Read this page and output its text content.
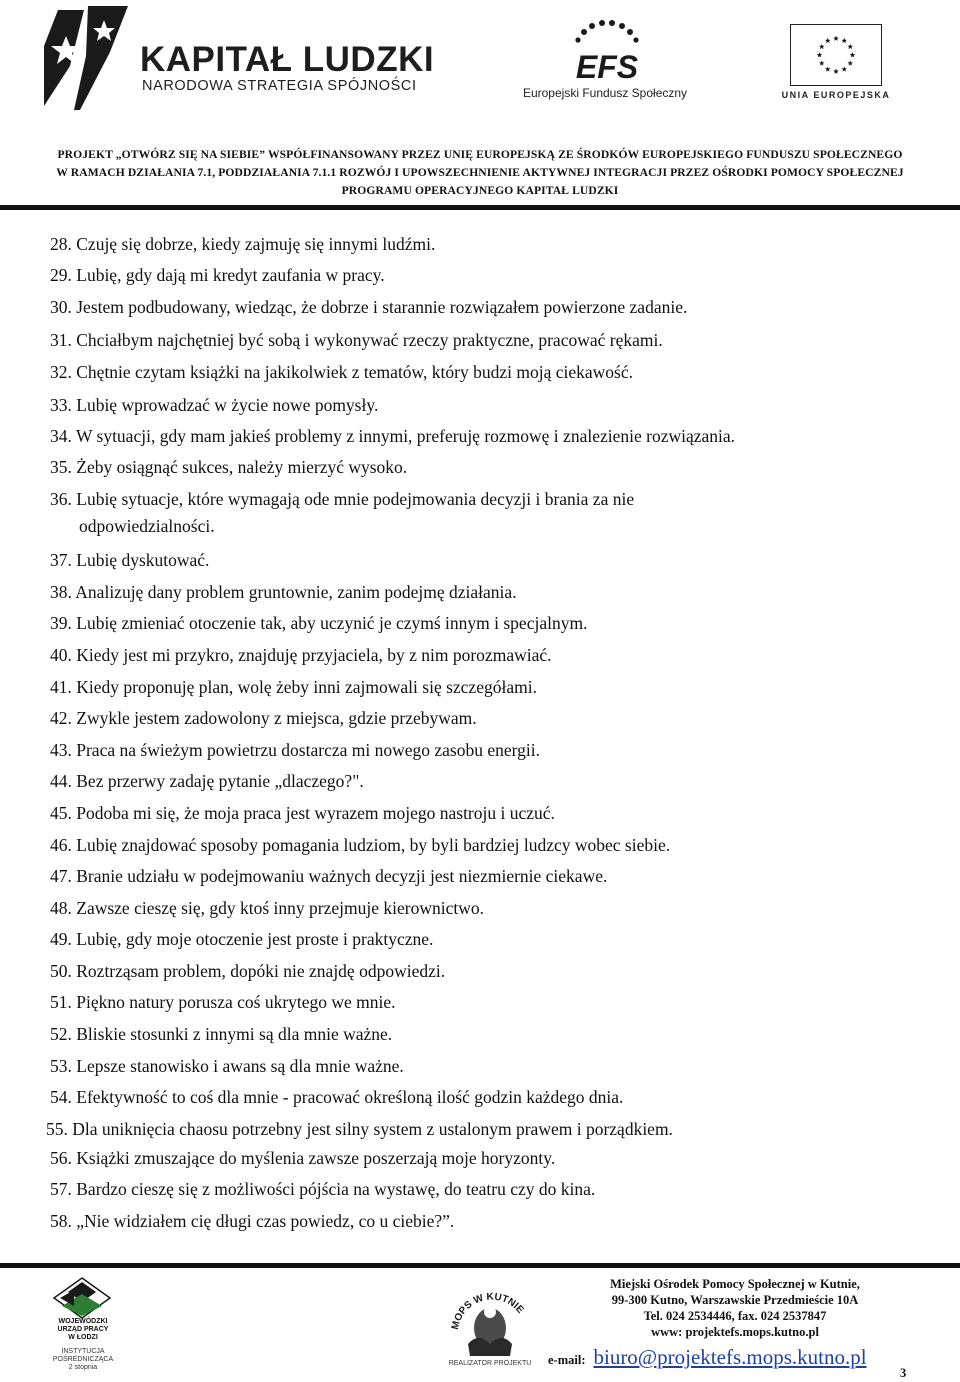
KAPITAŁ LUDZKI
NARODOWA STRATEGIA SPÓJNOŚCI
EFS
Europejski Fundusz Społeczny	UNIA EUROPEJSKA
PROJEKT „OTWÓRZ SIĘ NA SIEBIE” WSPÓŁFINANSOWANY PRZEZ UNIĘ EUROPEJSKĄ ZE ŚRODKÓW EUROPEJSKIEGO FUNDUSZU SPOŁECZNEGO
W RAMACH DZIAŁANIA 7.1, PODDZIAŁANIA 7.1.1 ROZWÓJ I UPOWSZECHNIENIE AKTYWNEJ INTEGRACJI PRZEZ OŚRODKI POMOCY SPOŁECZNEJ
PROGRAMU OPERACYJNEGO KAPITAŁ LUDZKI
28. Czuję się dobrze, kiedy zajmuję się innymi ludźmi.
29. Lubię, gdy dają mi kredyt zaufania w pracy.
30. Jestem podbudowany, wiedząc, że dobrze i starannie rozwiązałem powierzone zadanie.
31. Chciałbym najchętniej być sobą i wykonywać rzeczy praktyczne, pracować rękami.
32. Chętnie czytam książki na jakikolwiek z tematów, który budzi moją ciekawość.
33. Lubię wprowadzać w życie nowe pomysły.
34. W sytuacji, gdy mam jakieś problemy z innymi, preferuję rozmowę i znalezienie rozwiązania.
35. Żeby osiągnąć sukces, należy mierzyć wysoko.
36. Lubię sytuacje, które wymagają ode mnie podejmowania decyzji i brania za nie
odpowiedzialności.
37. Lubię dyskutować.
38. Analizuję dany problem gruntownie, zanim podejmę działania.
39. Lubię zmieniać otoczenie tak, aby uczynić je czymś innym i specjalnym.
40. Kiedy jest mi przykro, znajduję przyjaciela, by z nim porozmawiać.
41. Kiedy proponuję plan, wolę żeby inni zajmowali się szczegółami.
42. Zwykle jestem zadowolony z miejsca, gdzie przebywam.
43. Praca na świeżym powietrzu dostarcza mi nowego zasobu energii.
44. Bez przerwy zadaję pytanie „dlaczego?".
45. Podoba mi się, że moja praca jest wyrazem mojego nastroju i uczuć.
46. Lubię znajdować sposoby pomagania ludziom, by byli bardziej ludzcy wobec siebie.
47. Branie udziału w podejmowaniu ważnych decyzji jest niezmiernie ciekawe.
48. Zawsze cieszę się, gdy ktoś inny przejmuje kierownictwo.
49. Lubię, gdy moje otoczenie jest proste i praktyczne.
50. Roztrząsam problem, dopóki nie znajdę odpowiedzi.
51. Piękno natury porusza coś ukrytego we mnie.
52. Bliskie stosunki z innymi są dla mnie ważne.
53. Lepsze stanowisko i awans są dla mnie ważne.
54. Efektywność to coś dla mnie - pracować określoną ilość godzin każdego dnia.
55. Dla uniknięcia chaosu potrzebny jest silny system z ustalonym prawem i porządkiem.
56. Książki zmuszające do myślenia zawsze poszerzają moje horyzonty.
57. Bardzo cieszę się z możliwości pójścia na wystawę, do teatru czy do kina.
58. „Nie widziałem cię długi czas powiedz, co u ciebie?”.
WOJEWÓDZKI
URZĄD PRACY
W ŁODZI
INSTYTUCJA
POŚREDNICZĄCA
2 stopnia
MOPS W KUTNIE
REALIZATOR PROJEKTU
Miejski Ośrodek Pomocy Społecznej w Kutnie,
99-300 Kutno, Warszawskie Przedmieście 10A
Tel. 024 2534446, fax. 024 2537847
www: projektefs.mops.kutno.pl
e-mail: biuro@projektefs.mops.kutno.pl
3
